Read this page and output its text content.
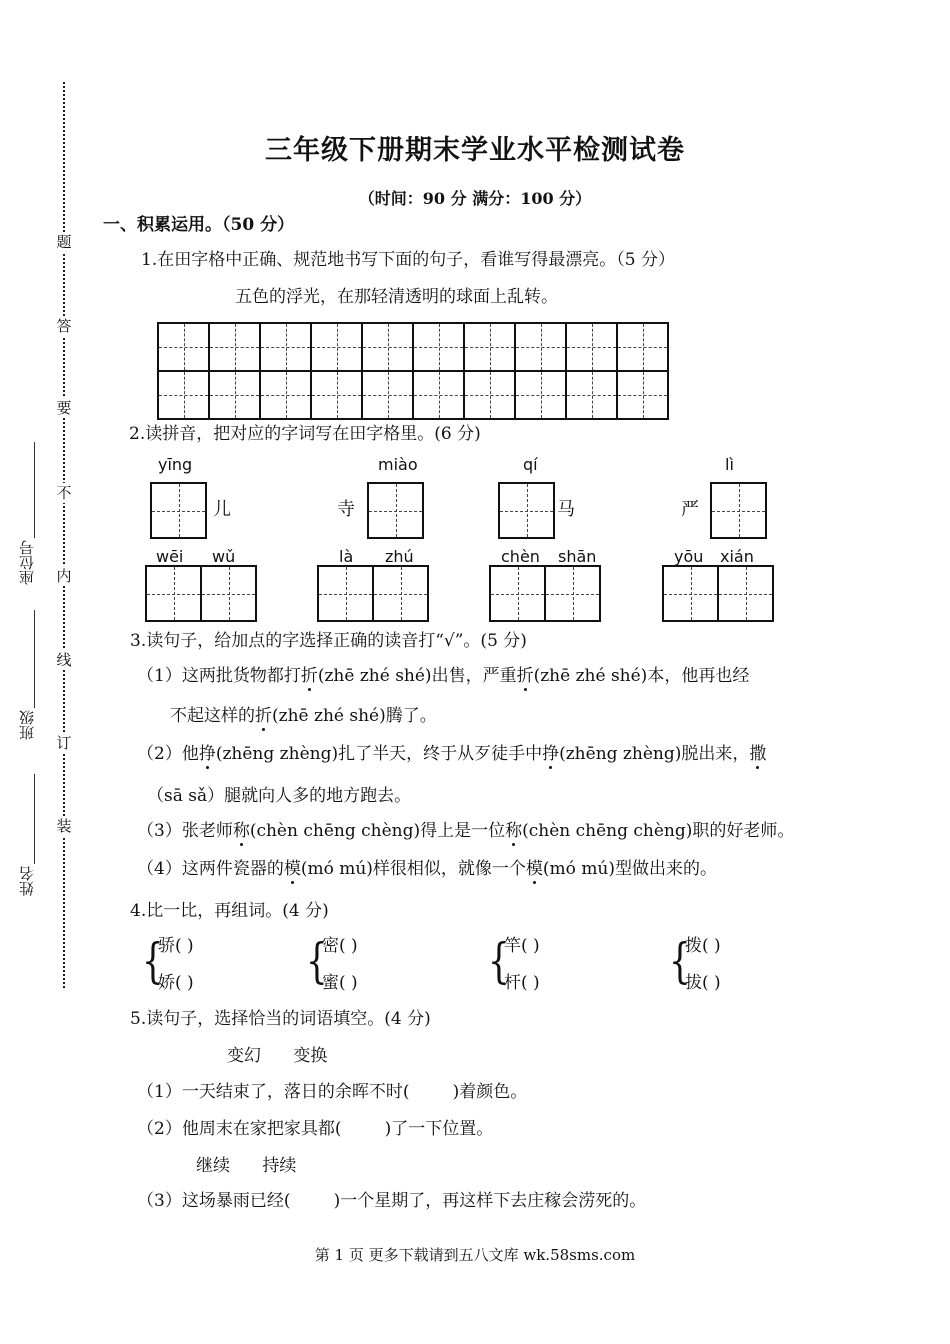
题
答
要
不
内
线
订
装
座位号
班级
姓名
三年级下册期末学业水平检测试卷
（时间：90 分 满分：100 分）
一、积累运用。（50 分）
1.在田字格中正确、规范地书写下面的句子，看谁写得最漂亮。（5 分）
五色的浮光，在那轻清透明的球面上乱转。
2.读拼音，把对应的字词写在田字格里。(6 分)
yīng
儿
miào
寺
qí
马
lì
严
wēi wǔ	là zhú	chèn shān	yōu xián
3.读句子，给加点的字选择正确的读音打“√”。(5 分)
（1）这两批货物都打折(zhē zhé shé)出售，严重折(zhē zhé shé)本，他再也经
不起这样的折(zhē zhé shé)腾了。
（2）他挣(zhēng zhèng)扎了半天，终于从歹徒手中挣(zhēng zhèng)脱出来，撒
（sā sǎ）腿就向人多的地方跑去。
（3）张老师称(chèn chēng chèng)得上是一位称(chèn chēng chèng)职的好老师。
（4）这两件瓷器的模(mó mú)样很相似，就像一个模(mó mú)型做出来的。
4.比一比，再组词。(4 分)
{
骄( )
娇( )	{
密( )
蜜( )	{
竿( )
杆( )	{
拨( )
拔( )
5.读句子，选择恰当的词语填空。(4 分)
变幻      变换
（1）一天结束了，落日的余晖不时(        )着颜色。
（2）他周末在家把家具都(        )了一下位置。
继续      持续
（3）这场暴雨已经(        )一个星期了，再这样下去庄稼会涝死的。
第 1 页 更多下载请到五八文库 wk.58sms.com
